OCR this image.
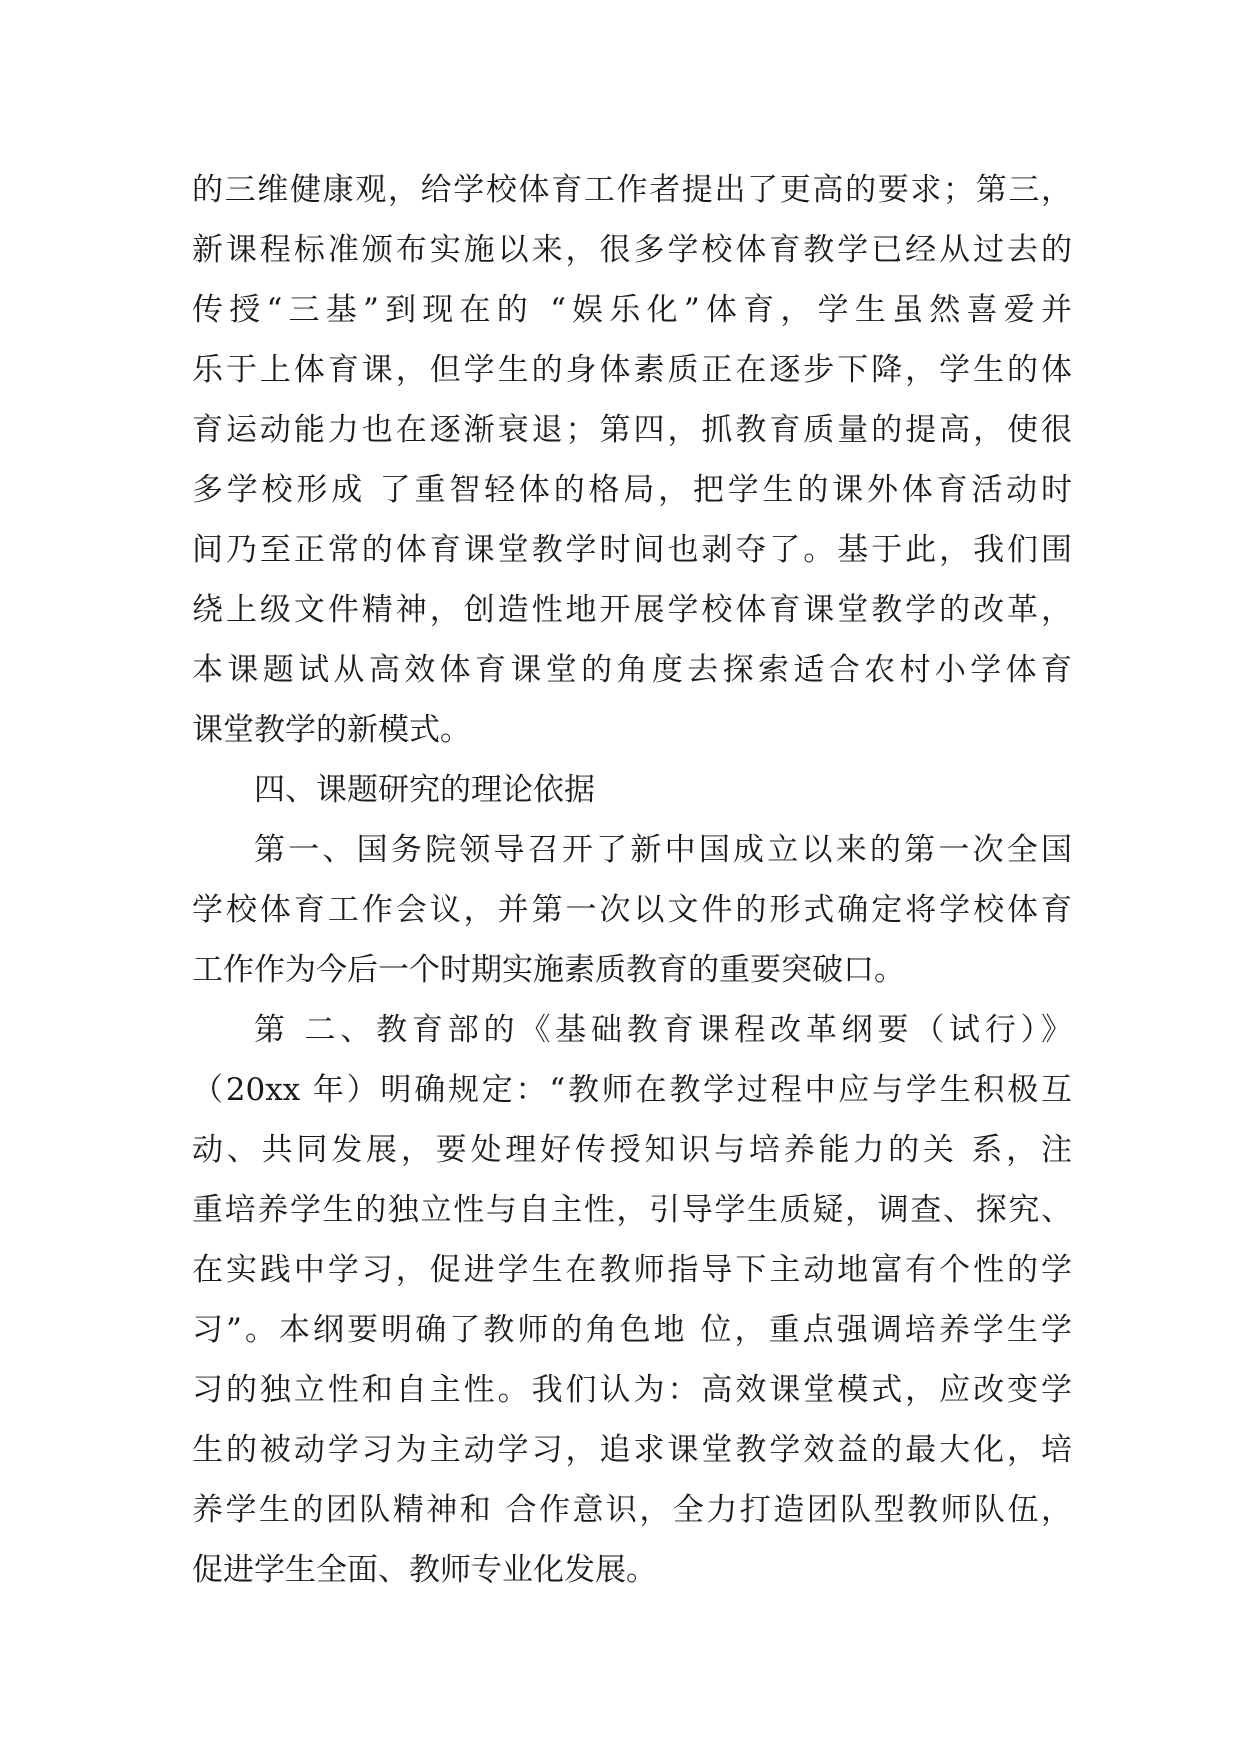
的三维健康观，给学校体育工作者提出了更高的要求；第三，
新课程标准颁布实施以来，很多学校体育教学已经从过去的
传授“三基”到现在的 “娱乐化”体育，学生虽然喜爱并
乐于上体育课，但学生的身体素质正在逐步下降，学生的体
育运动能力也在逐渐衰退；第四，抓教育质量的提高，使很
多学校形成 了重智轻体的格局，把学生的课外体育活动时
间乃至正常的体育课堂教学时间也剥夺了。基于此，我们围
绕上级文件精神，创造性地开展学校体育课堂教学的改革，
本课题试从高效体育课堂的角度去探索适合农村小学体育
课堂教学的新模式。
四、课题研究的理论依据
第一、国务院领导召开了新中国成立以来的第一次全国
学校体育工作会议，并第一次以文件的形式确定将学校体育
工作作为今后一个时期实施素质教育的重要突破口。
第 二、教育部的《基础教育课程改革纲要（试行）》
（20xx 年）明确规定：“教师在教学过程中应与学生积极互
动、共同发展，要处理好传授知识与培养能力的关 系，注
重培养学生的独立性与自主性，引导学生质疑，调查、探究、
在实践中学习，促进学生在教师指导下主动地富有个性的学
习”。本纲要明确了教师的角色地 位，重点强调培养学生学
习的独立性和自主性。我们认为：高效课堂模式，应改变学
生的被动学习为主动学习，追求课堂教学效益的最大化，培
养学生的团队精神和 合作意识，全力打造团队型教师队伍，
促进学生全面、教师专业化发展。
